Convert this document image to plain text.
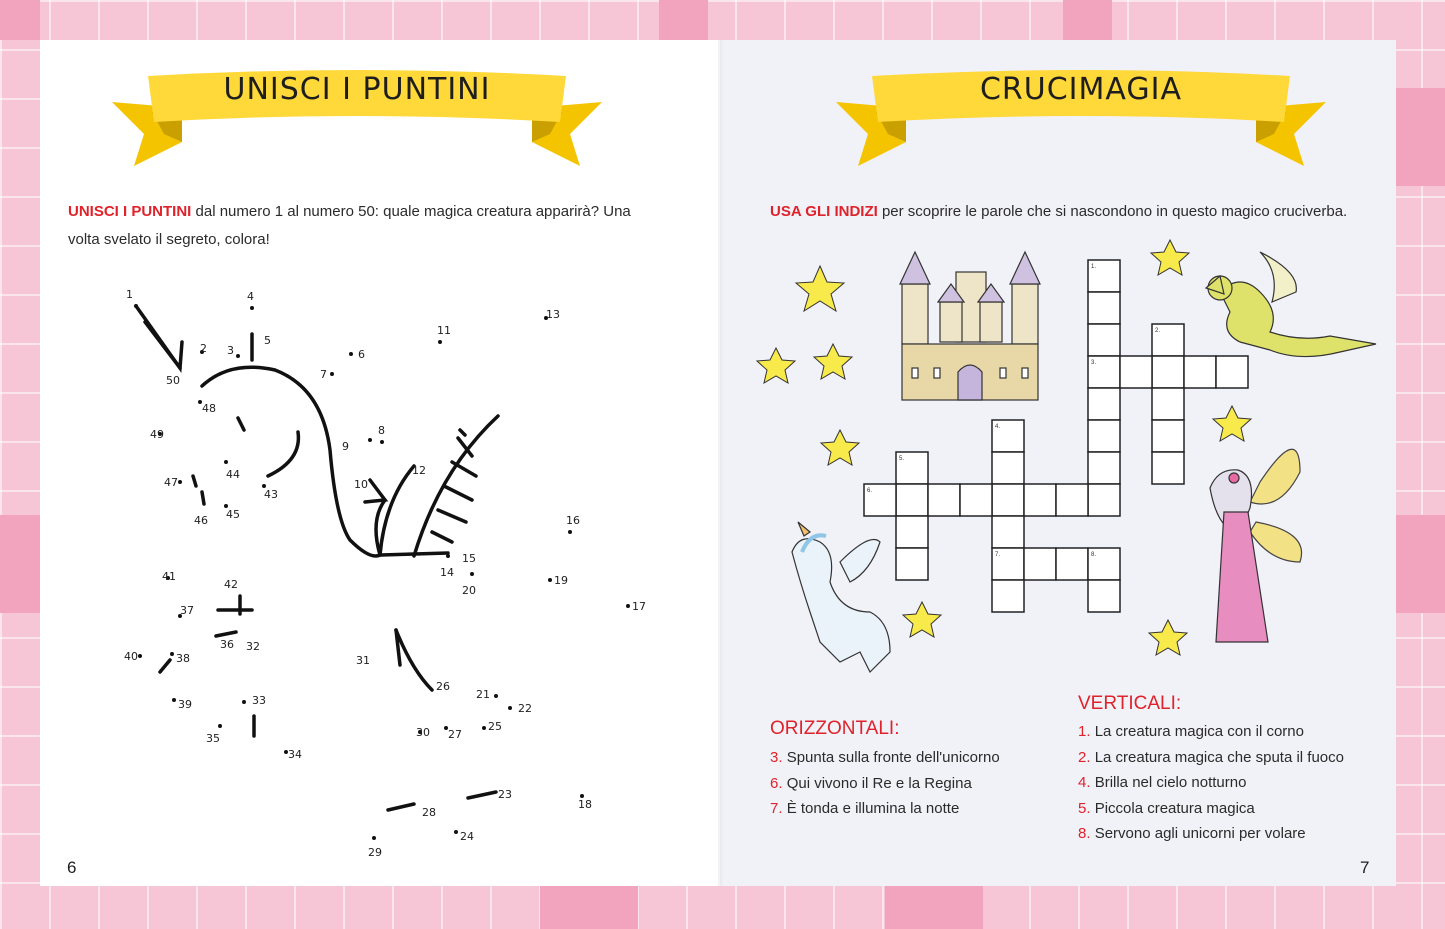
UNISCI I PUNTINI
UNISCI I PUNTINI dal numero 1 al numero 50: quale magica creatura apparirà? Una
volta svelato il segreto, colora!
1
2 3
4
5
6
7
8
9
10
11
12
13
14
15
16
17
18
19
20
21
22
23
24
25
26
27
28
29
30
31
32
33
34
35
36
37
38
39
40
41
42
43
44
45
46
47
48
49
50
6
CRUCIMAGIA
USA GLI INDIZI per scoprire le parole che si nascondono in questo magico cruciverba.
1.
2.
3.
4.
5.
6.
7.	8.
ORIZZONTALI:
3. Spunta sulla fronte dell'unicorno
6. Qui vivono il Re e la Regina
7. È tonda e illumina la notte
VERTICALI:
1. La creatura magica con il corno
2. La creatura magica che sputa il fuoco
4. Brilla nel cielo notturno
5. Piccola creatura magica
8. Servono agli unicorni per volare
7
